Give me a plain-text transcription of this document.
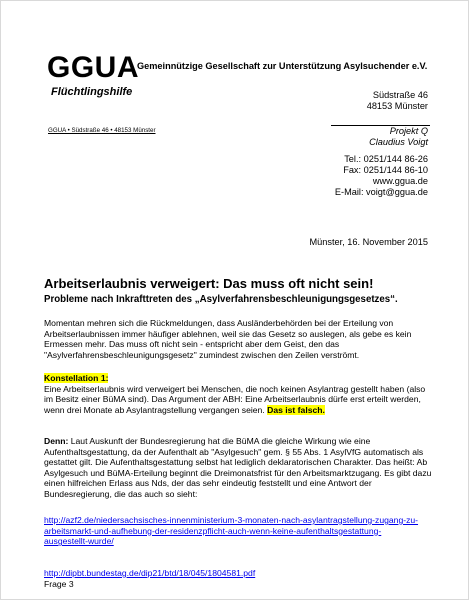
GGUA
Flüchtlingshilfe
Gemeinnützige Gesellschaft zur Unterstützung Asylsuchender e.V.
Südstraße 46
48153 Münster
GGUA • Südstraße 46 • 48153 Münster	Projekt Q
Claudius Voigt
Tel.: 0251/144 86-26
Fax: 0251/144 86-10
www.ggua.de
E-Mail: voigt@ggua.de
Münster, 16. November 2015
Arbeitserlaubnis verweigert: Das muss oft nicht sein!
Probleme nach Inkrafttreten des „Asylverfahrensbeschleunigungsgesetzes“.

Momentan mehren sich die Rückmeldungen, dass Ausländerbehörden bei der Erteilung von Arbeitserlaubnissen immer häufiger ablehnen, weil sie das Gesetz so auslegen, als gebe es kein Ermessen mehr. Das muss oft nicht sein - entspricht aber dem Geist, den das "Asylverfahrensbeschleunigungsgesetz" zumindest zwischen den Zeilen verströmt.

Konstellation 1:
Eine Arbeitserlaubnis wird verweigert bei Menschen, die noch keinen Asylantrag gestellt haben (also im Besitz einer BüMA sind). Das Argument der ABH: Eine Arbeitserlaubnis dürfe erst erteilt werden, wenn drei Monate ab Asylantragstellung vergangen seien. Das ist falsch.

Denn: Laut Auskunft der Bundesregierung hat die BüMA die gleiche Wirkung wie eine Aufenthaltsgestattung, da der Aufenthalt ab "Asylgesuch" gem. § 55 Abs. 1 AsylVfG automatisch als gestattet gilt. Die Aufenthaltsgestattung selbst hat lediglich deklaratorischen Charakter. Das heißt: Ab Asylgesuch und BüMA-Erteilung beginnt die Dreimonatsfrist für den Arbeitsmarktzugang. Es gibt dazu einen hilfreichen Erlass aus Nds, der das sehr eindeutig feststellt und eine Antwort der Bundesregierung, die das auch so sieht:

http://azf2.de/niedersachsisches-innenministerium-3-monaten-nach-asylantragstellung-zugang-zu-arbeitsmarkt-und-aufhebung-der-residenzpflicht-auch-wenn-keine-aufenthaltsgestattung-ausgestellt-wurde/
http://dipbt.bundestag.de/dip21/btd/18/045/1804581.pdf
Frage 3
